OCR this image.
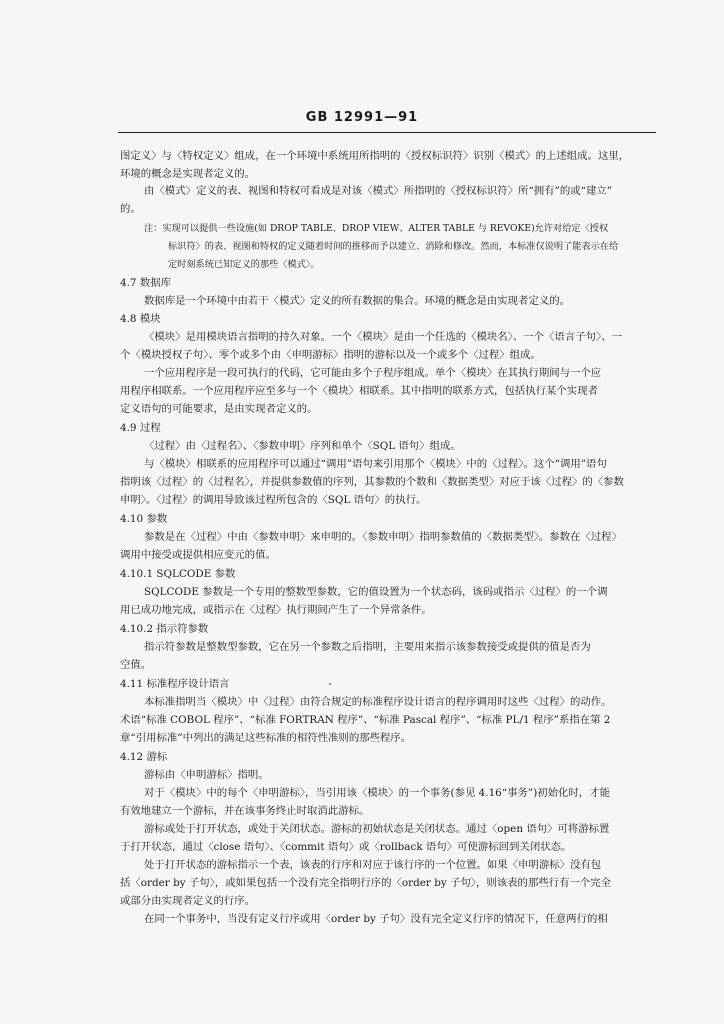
GB 12991—91
图定义〉与〈特权定义〉组成，在一个环境中系统用所指明的〈授权标识符〉识别〈模式〉的上述组成。这里，
环境的概念是实现者定义的。
由〈模式〉定义的表、视图和特权可看成是对该〈模式〉所指明的〈授权标识符〉所“拥有”的或“建立”
的。
注：实现可以提供一些设施(如 DROP TABLE、DROP VIEW、ALTER TABLE 与 REVOKE)允许对给定〈授权
标识符〉的表、视图和特权的定义随着时间的推移而予以建立、消除和修改。然而，本标准仅说明了能表示在给
定时刻系统已知定义的那些〈模式〉。
4.7 数据库
数据库是一个环境中由若干〈模式〉定义的所有数据的集合。环境的概念是由实现者定义的。
4.8 模块
〈模块〉是用模块语言指明的持久对象。一个〈模块〉是由一个任选的〈模块名〉、一个〈语言子句〉、一
个〈模块授权子句〉、零个或多个由〈申明游标〉指明的游标以及一个或多个〈过程〉组成。
一个应用程序是一段可执行的代码，它可能由多个子程序组成。单个〈模块〉在其执行期间与一个应
用程序相联系。一个应用程序应至多与一个〈模块〉相联系。其中指明的联系方式，包括执行某个实现者
定义语句的可能要求，是由实现者定义的。
4.9 过程
〈过程〉由〈过程名〉、〈参数申明〉序列和单个〈SQL 语句〉组成。
与〈模块〉相联系的应用程序可以通过“调用”语句来引用那个〈模块〉中的〈过程〉。这个“调用”语句
指明该〈过程〉的〈过程名〉，并提供参数值的序列，其参数的个数和〈数据类型〉对应于该〈过程〉的〈参数
申明〉。〈过程〉的调用导致该过程所包含的〈SQL 语句〉的执行。
4.10 参数
参数是在〈过程〉中由〈参数申明〉来申明的。〈参数申明〉指明参数值的〈数据类型〉。参数在〈过程〉
调用中接受或提供相应变元的值。
4.10.1 SQLCODE 参数
SQLCODE 参数是一个专用的整数型参数，它的值设置为一个状态码，该码或指示〈过程〉的一个调
用已成功地完成，或指示在〈过程〉执行期间产生了一个异常条件。
4.10.2 指示符参数
指示符参数是整数型参数，它在另一个参数之后指明，主要用来指示该参数接受或提供的值是否为
空值。
4.11 标准程序设计语言
本标准指明当〈模块〉中〈过程〉由符合规定的标准程序设计语言的程序调用时这些〈过程〉的动作。
术语“标准 COBOL 程序”、“标准 FORTRAN 程序”、“标准 Pascal 程序”、“标准 PL/1 程序”系指在第 2
章“引用标准”中列出的满足这些标准的相符性准则的那些程序。
4.12 游标
游标由〈申明游标〉指明。
对于〈模块〉中的每个〈申明游标〉，当引用该〈模块〉的一个事务(参见 4.16“事务”)初始化时，才能
有效地建立一个游标，并在该事务终止时取消此游标。
游标或处于打开状态，或处于关闭状态。游标的初始状态是关闭状态。通过〈open 语句〉可将游标置
于打开状态，通过〈close 语句〉、〈commit 语句〉或〈rollback 语句〉可使游标回到关闭状态。
处于打开状态的游标指示一个表，该表的行序和对应于该行序的一个位置。如果〈申明游标〉没有包
括〈order by 子句〉，或如果包括一个没有完全指明行序的〈order by 子句〉，则该表的那些行有一个完全
或部分由实现者定义的行序。
在同一个事务中，当没有定义行序或用〈order by 子句〉没有完全定义行序的情况下，任意两行的相
